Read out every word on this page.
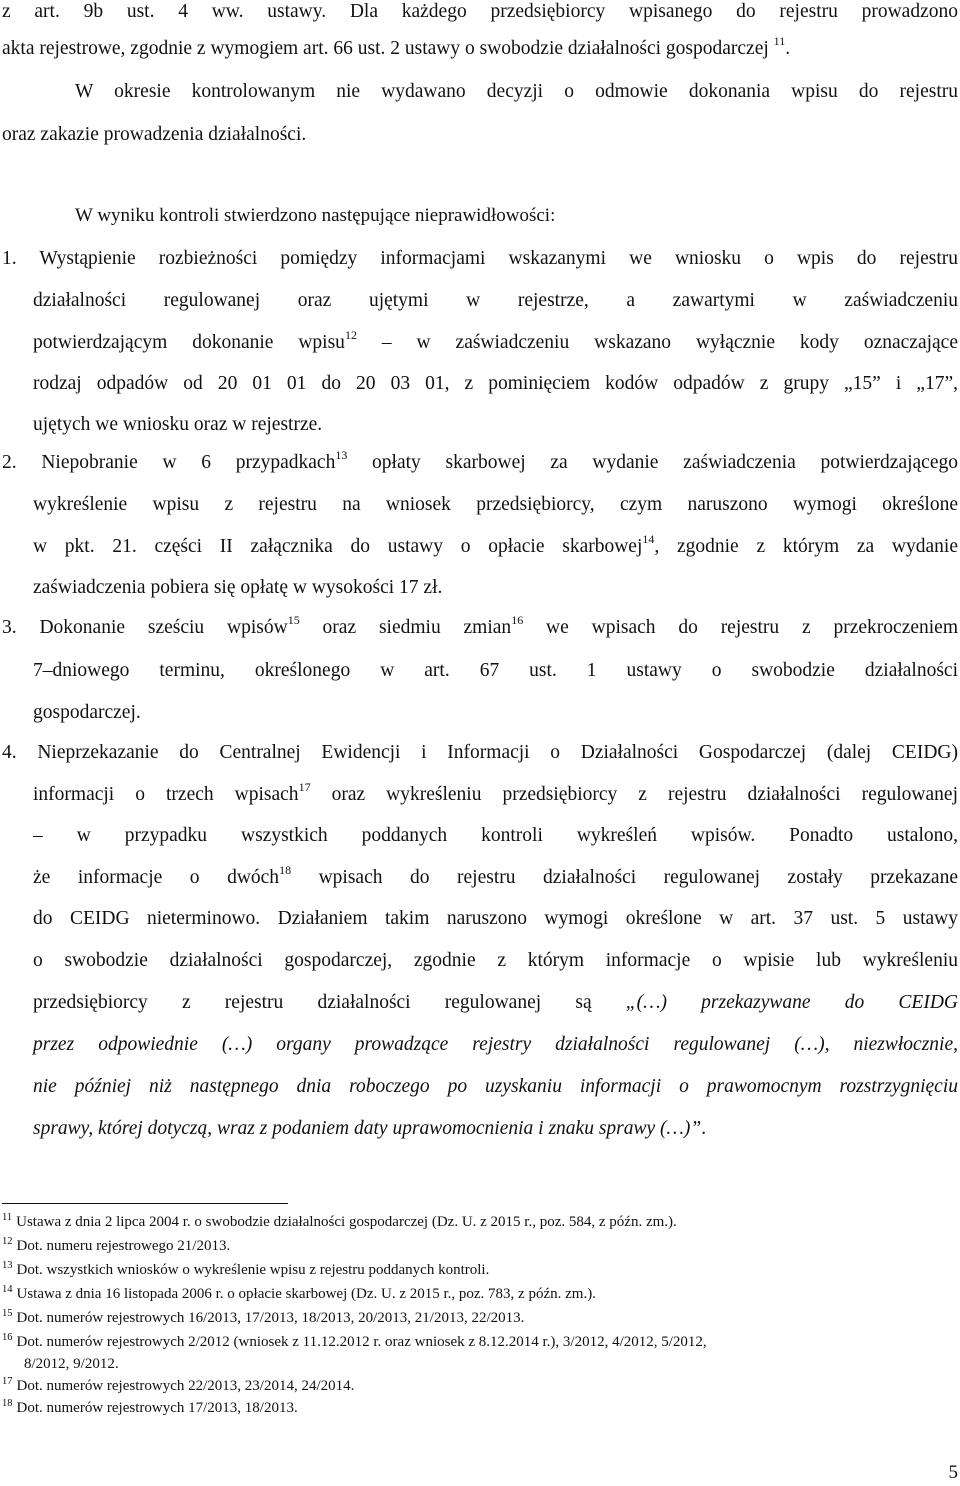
z art. 9b ust. 4 ww. ustawy. Dla każdego przedsiębiorcy wpisanego do rejestru prowadzono
akta rejestrowe, zgodnie z wymogiem art. 66 ust. 2 ustawy o swobodzie działalności gospodarczej $^{11}$.
W okresie kontrolowanym nie wydawano decyzji o odmowie dokonania wpisu do rejestru
oraz zakazie prowadzenia działalności.
W wyniku kontroli stwierdzono następujące nieprawidłowości:
1. Wystąpienie rozbieżności pomiędzy informacjami wskazanymi we wniosku o wpis do rejestru
działalności regulowanej oraz ujętymi w rejestrze, a zawartymi w zaświadczeniu
potwierdzającym dokonanie wpisu$^{12}$ – w zaświadczeniu wskazano wyłącznie kody oznaczające
rodzaj odpadów od 20 01 01 do 20 03 01, z pominięciem kodów odpadów z grupy „15” i „17”,
ujętych we wniosku oraz w rejestrze.
2. Niepobranie w 6 przypadkach$^{13}$ opłaty skarbowej za wydanie zaświadczenia potwierdzającego
wykreślenie wpisu z rejestru na wniosek przedsiębiorcy, czym naruszono wymogi określone
w pkt. 21. części II załącznika do ustawy o opłacie skarbowej$^{14}$, zgodnie z którym za wydanie
zaświadczenia pobiera się opłatę w wysokości 17 zł.
3. Dokonanie sześciu wpisów$^{15}$ oraz siedmiu zmian$^{16}$ we wpisach do rejestru z przekroczeniem
7–dniowego terminu, określonego w art. 67 ust. 1 ustawy o swobodzie działalności
gospodarczej.
4. Nieprzekazanie do Centralnej Ewidencji i Informacji o Działalności Gospodarczej (dalej CEIDG)
informacji o trzech wpisach$^{17}$ oraz wykreśleniu przedsiębiorcy z rejestru działalności regulowanej
– w przypadku wszystkich poddanych kontroli wykreśleń wpisów. Ponadto ustalono,
że informacje o dwóch$^{18}$ wpisach do rejestru działalności regulowanej zostały przekazane
do CEIDG nieterminowo. Działaniem takim naruszono wymogi określone w art. 37 ust. 5 ustawy
o swobodzie działalności gospodarczej, zgodnie z którym informacje o wpisie lub wykreśleniu
przedsiębiorcy z rejestru działalności regulowanej są „(…) przekazywane do CEIDG
przez odpowiednie (…) organy prowadzące rejestry działalności regulowanej (…), niezwłocznie,
nie później niż następnego dnia roboczego po uzyskaniu informacji o prawomocnym rozstrzygnięciu
sprawy, której dotyczą, wraz z podaniem daty uprawomocnienia i znaku sprawy (…)”.
$^{11}$ Ustawa z dnia 2 lipca 2004 r. o swobodzie działalności gospodarczej (Dz. U. z 2015 r., poz. 584, z późn. zm.).
$^{12}$ Dot. numeru rejestrowego 21/2013.
$^{13}$ Dot. wszystkich wniosków o wykreślenie wpisu z rejestru poddanych kontroli.
$^{14}$ Ustawa z dnia 16 listopada 2006 r. o opłacie skarbowej (Dz. U. z 2015 r., poz. 783, z późn. zm.).
$^{15}$ Dot. numerów rejestrowych 16/2013, 17/2013, 18/2013, 20/2013, 21/2013, 22/2013.
$^{16}$ Dot. numerów rejestrowych 2/2012 (wniosek z 11.12.2012 r. oraz wniosek z 8.12.2014 r.), 3/2012, 4/2012, 5/2012,
8/2012, 9/2012.
$^{17}$ Dot. numerów rejestrowych 22/2013, 23/2014, 24/2014.
$^{18}$ Dot. numerów rejestrowych 17/2013, 18/2013.
5
